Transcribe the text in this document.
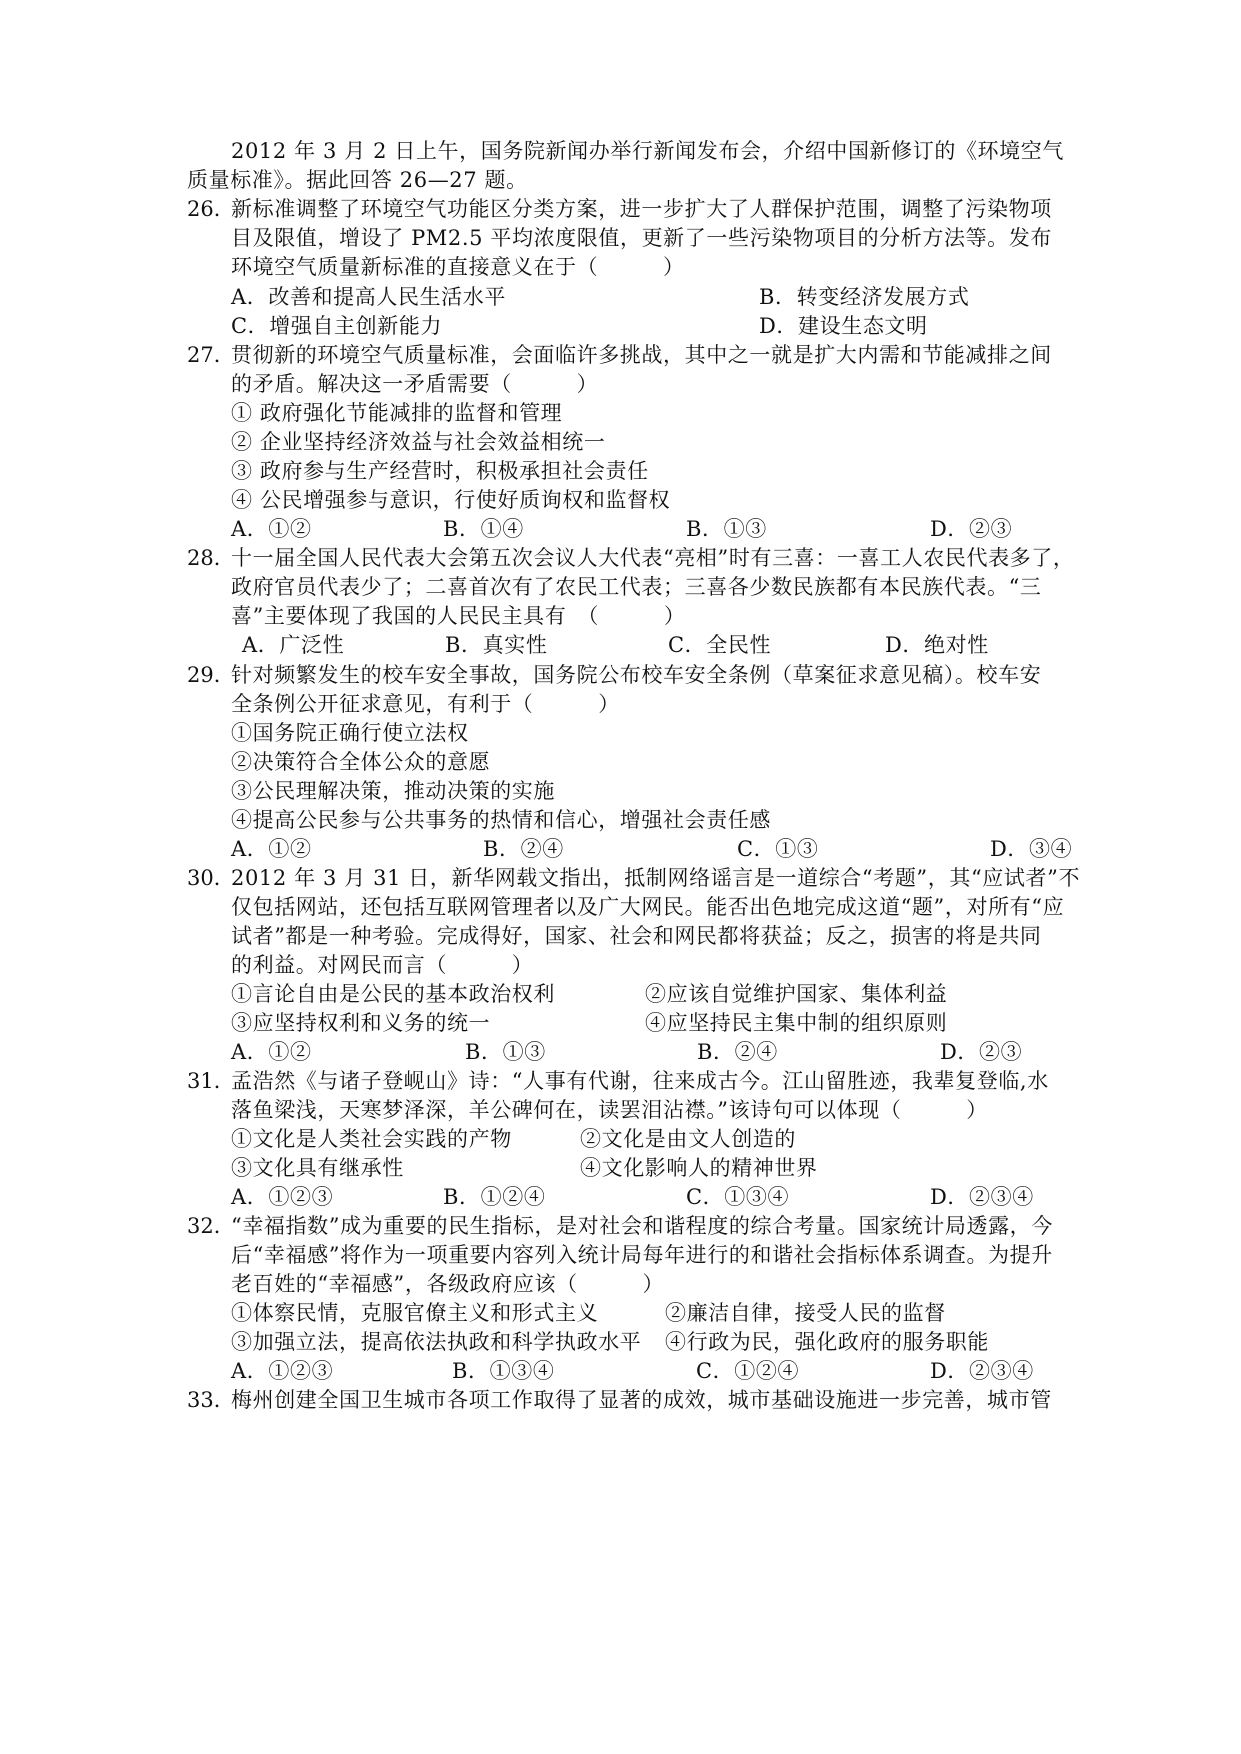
2012 年 3 月 2 日上午，国务院新闻办举行新闻发布会，介绍中国新修订的《环境空气
质量标准》。据此回答 26—27 题。
26．
新标准调整了环境空气功能区分类方案，进一步扩大了人群保护范围，调整了污染物项
目及限值，增设了 PM2.5 平均浓度限值，更新了一些污染物项目的分析方法等。发布
环境空气质量新标准的直接意义在于（　　　）
A．改善和提高人民生活水平	B．转变经济发展方式
C．增强自主创新能力	D．建设生态文明
27．
贯彻新的环境空气质量标准，会面临许多挑战，其中之一就是扩大内需和节能减排之间
的矛盾。解决这一矛盾需要（　　　）
① 政府强化节能减排的监督和管理
② 企业坚持经济效益与社会效益相统一
③ 政府参与生产经营时，积极承担社会责任
④ 公民增强参与意识，行使好质询权和监督权
A．①②	B．①④	B．①③	D．②③
28．
十一届全国人民代表大会第五次会议人大代表“亮相”时有三喜：一喜工人农民代表多了，
政府官员代表少了；二喜首次有了农民工代表；三喜各少数民族都有本民族代表。“三
喜”主要体现了我国的人民民主具有　（　　　）
A．广泛性	B．真实性	C．全民性	D．绝对性
29．
针对频繁发生的校车安全事故，国务院公布校车安全条例（草案征求意见稿）。校车安
全条例公开征求意见，有利于（　　　）
①国务院正确行使立法权
②决策符合全体公众的意愿
③公民理解决策，推动决策的实施
④提高公民参与公共事务的热情和信心，增强社会责任感
A．①②	B．②④	C．①③	D．③④
30．
2012 年 3 月 31 日，新华网载文指出，抵制网络谣言是一道综合“考题”，其“应试者”不
仅包括网站，还包括互联网管理者以及广大网民。能否出色地完成这道“题”，对所有“应
试者”都是一种考验。完成得好，国家、社会和网民都将获益；反之，损害的将是共同
的利益。对网民而言（　　　）
①言论自由是公民的基本政治权利	②应该自觉维护国家、集体利益
③应坚持权利和义务的统一	④应坚持民主集中制的组织原则
A．①②	B．①③	B．②④	D．②③
31．
孟浩然《与诸子登岘山》诗：“人事有代谢，往来成古今。江山留胜迹，我辈复登临,水
落鱼梁浅，天寒梦泽深，羊公碑何在，读罢泪沾襟。”该诗句可以体现（　　　）
①文化是人类社会实践的产物	②文化是由文人创造的
③文化具有继承性	④文化影响人的精神世界
A．①②③	B．①②④	C．①③④	D．②③④
32．
“幸福指数”成为重要的民生指标，是对社会和谐程度的综合考量。国家统计局透露，今
后“幸福感”将作为一项重要内容列入统计局每年进行的和谐社会指标体系调查。为提升
老百姓的“幸福感”，各级政府应该（　　　）
①体察民情，克服官僚主义和形式主义	②廉洁自律，接受人民的监督
③加强立法，提高依法执政和科学执政水平 ④行政为民，强化政府的服务职能
A．①②③	B．①③④	C．①②④	D．②③④
33．
梅州创建全国卫生城市各项工作取得了显著的成效，城市基础设施进一步完善，城市管
